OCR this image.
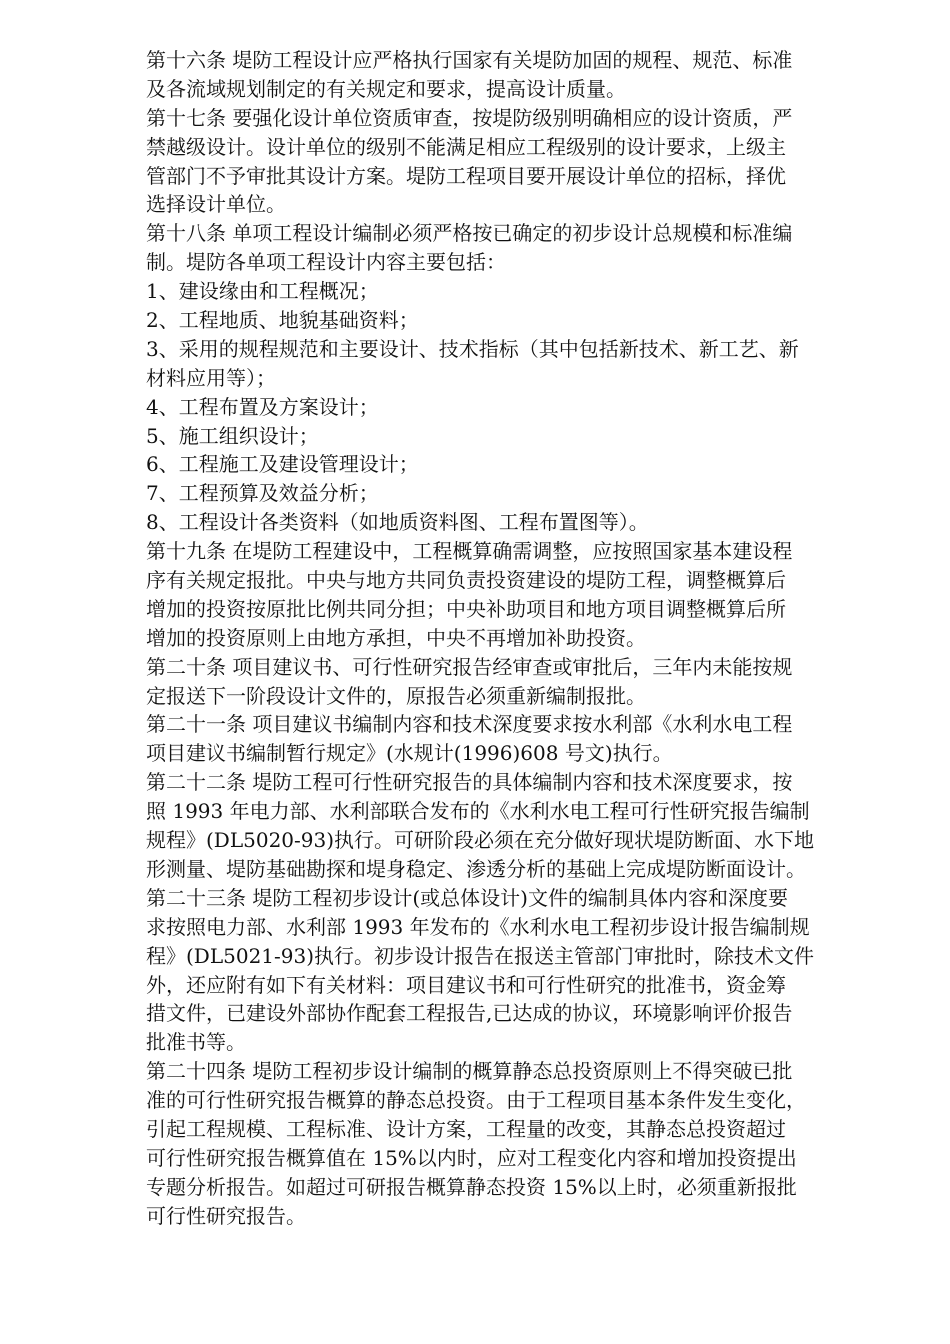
第十六条 堤防工程设计应严格执行国家有关堤防加固的规程、规范、标准
及各流域规划制定的有关规定和要求，提高设计质量。
第十七条 要强化设计单位资质审查，按堤防级别明确相应的设计资质，严
禁越级设计。设计单位的级别不能满足相应工程级别的设计要求，上级主
管部门不予审批其设计方案。堤防工程项目要开展设计单位的招标，择优
选择设计单位。
第十八条 单项工程设计编制必须严格按已确定的初步设计总规模和标准编
制。堤防各单项工程设计内容主要包括：
1、建设缘由和工程概况；
2、工程地质、地貌基础资料；
3、采用的规程规范和主要设计、技术指标（其中包括新技术、新工艺、新
材料应用等）；
4、工程布置及方案设计；
5、施工组织设计；
6、工程施工及建设管理设计；
7、工程预算及效益分析；
8、工程设计各类资料（如地质资料图、工程布置图等）。
第十九条 在堤防工程建设中，工程概算确需调整，应按照国家基本建设程
序有关规定报批。中央与地方共同负责投资建设的堤防工程，调整概算后
增加的投资按原批比例共同分担；中央补助项目和地方项目调整概算后所
增加的投资原则上由地方承担，中央不再增加补助投资。
第二十条 项目建议书、可行性研究报告经审查或审批后，三年内未能按规
定报送下一阶段设计文件的，原报告必须重新编制报批。
第二十一条 项目建议书编制内容和技术深度要求按水利部《水利水电工程
项目建议书编制暂行规定》(水规计(1996)608 号文)执行。
第二十二条 堤防工程可行性研究报告的具体编制内容和技术深度要求，按
照 1993 年电力部、水利部联合发布的《水利水电工程可行性研究报告编制
规程》(DL5020-93)执行。可研阶段必须在充分做好现状堤防断面、水下地
形测量、堤防基础勘探和堤身稳定、渗透分析的基础上完成堤防断面设计。
第二十三条 堤防工程初步设计(或总体设计)文件的编制具体内容和深度要
求按照电力部、水利部 1993 年发布的《水利水电工程初步设计报告编制规
程》(DL5021-93)执行。初步设计报告在报送主管部门审批时，除技术文件
外，还应附有如下有关材料：项目建议书和可行性研究的批准书，资金筹
措文件，已建设外部协作配套工程报告,已达成的协议，环境影响评价报告
批准书等。
第二十四条 堤防工程初步设计编制的概算静态总投资原则上不得突破已批
准的可行性研究报告概算的静态总投资。由于工程项目基本条件发生变化，
引起工程规模、工程标准、设计方案，工程量的改变，其静态总投资超过
可行性研究报告概算值在 15%以内时，应对工程变化内容和增加投资提出
专题分析报告。如超过可研报告概算静态投资 15%以上时，必须重新报批
可行性研究报告。
